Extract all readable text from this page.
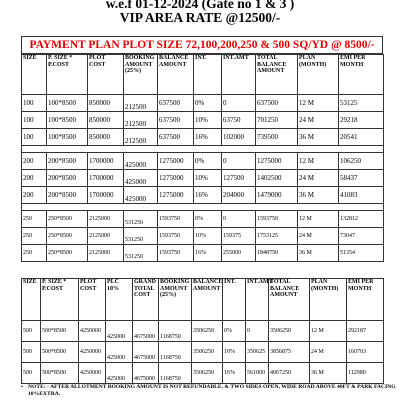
w.e.f 01-12-2024 (Gate no 1 & 3 )
VIP AREA RATE @12500/-
PAYMENT PLAN PLOT SIZE 72,100,200,250 & 500 SQ/YD @ 8500/-
SIZE	P. SIZE * P.COST	PLOT COST	BOOKING AMOUNT (25%)	BALANCE AMOUNT	INT.	INT.AMT	TOTAL BALANCE AMOUNT	PLAN (MONTH)	EMI PER MONTH
100	100*8500	850000	212500	637500	0%	0	637500	12 M	53125
100	100*8500	850000	212500	637500	10%	63750	701250	24 M	29218
100	100*8500	850000	212500	637500	16%	102000	739500	36 M	20541

200	200*8500	1700000	425000	1275000	0%	0	1275000	12 M	106250
200	200*8500	1700000	425000	1275000	10%	127500	1402500	24 M	58437
200	200*8500	1700000	425000	1275000	16%	204000	1479000	36 M	41083

250	250*8500	2125000	531250	1593750	0%	0	1593750	12 M	132812
250	250*8500	2125000	531250	1593750	10%	159375	1753125	24 M	73047
250	250*8500	2125000	531250	1593750	16%	255000	1848750	36 M	51354
SIZE	P. SIZE * P.COST	PLOT COST	PLC 10%	GRAND TOTAL COST	BOOKING AMOUNT (25%)	BALANCE AMOUNT	INT.	INT.AMT	TOTAL BALANCE AMOUNT	PLAN (MONTH)	EMI PER MONTH
500	500*8500	4250000	425000	4675000	1168750	3506250	0%	0	3506250	12 M	292187
500	500*8500	4250000	425000	4675000	1168750	3506250	10%	350625	3856875	24 M	160703
500	500*8500	4250000	425000	4675000	1168750	3506250	16%	561000	4067250	36 M	112980
• NOTE: - AFTER ALLOTMENT BOOKING AMOUNT IS NOT REFUNDABLE. & TWO SIDES OPEN, WIDE ROAD ABOVE 40FT & PARK FACING 10%EXTRA.
